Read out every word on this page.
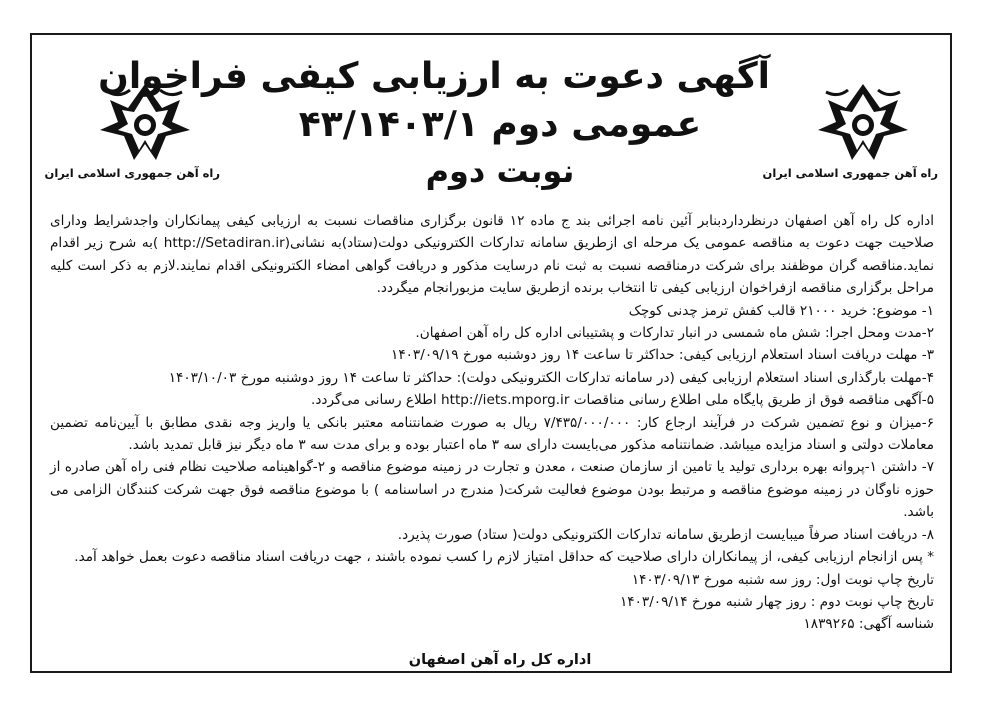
راه آهن جمهوری اسلامی ایران	راه آهن جمهوری اسلامی ایران
آگهی دعوت به ارزیابی کیفی فراخوان
عمومی دوم ۴۳/۱۴۰۳/۱
نوبت دوم

اداره کل راه آهن اصفهان درنظردارد‌بنابر آئین نامه اجرائی بند ج ماده ۱۲ قانون برگزاری مناقصات نسبت به ارزیابی کیفی پیمانکاران واجدشرایط ودارای صلاحیت جهت دعوت به مناقصه عمومی یک مرحله ای ازطریق سامانه تدارکات الکترونیکی دولت(ستاد)به نشانی(http://Setadiran.ir )به شرح زیر اقدام نماید.مناقصه گران موظفند برای شرکت درمناقصه نسبت به ثبت نام درسایت مذکور و دریافت گواهی امضاء الکترونیکی اقدام نمایند.لازم به ذکر است کلیه مراحل برگزاری مناقصه ازفراخوان ارزیابی کیفی تا انتخاب برنده ازطریق سایت مزبورانجام میگردد.

۱- موضوع: خرید ۲۱۰۰۰ قالب کفش ترمز چدنی کوچک

۲-مدت ومحل اجرا: شش ماه شمسی در انبار تدارکات و پشتیبانی اداره کل راه آهن اصفهان.

۳- مهلت دریافت اسناد استعلام ارزیابی کیفی: حداکثر تا ساعت ۱۴ روز دوشنبه مورخ ۱۴۰۳/۰۹/۱۹

۴-مهلت بارگذاری اسناد استعلام ارزیابی کیفی (در سامانه تدارکات الکترونیکی دولت): حداکثر تا ساعت ۱۴ روز دوشنبه مورخ ۱۴۰۳/۱۰/۰۳

۵-آگهی مناقصه فوق از طریق پایگاه ملی اطلاع رسانی مناقصات http://iets.mporg.ir اطلاع رسانی می‌گردد.

۶-میزان و نوع تضمین شرکت در فرآیند ارجاع کار: ۷/۴۳۵/۰۰۰/۰۰۰ ریال به صورت ضمانتنامه معتبر بانکی یا واریز وجه نقدی مطابق با آیین‌نامه تضمین معاملات دولتی و اسناد مزایده میباشد. ضمانتنامه مذکور می‌بایست دارای سه ۳ ماه اعتبار بوده و برای مدت سه ۳ ماه دیگر نیز قابل تمدید باشد.

۷- داشتن ۱-پروانه بهره برداری تولید یا تامین از سازمان صنعت ، معدن و تجارت در زمینه موضوع مناقصه و ۲-گواهینامه صلاحیت نظام فنی راه آهن صادره از حوزه ناوگان در زمینه موضوع مناقصه و مرتبط بودن موضوع فعالیت شرکت( مندرج در اساسنامه ) با موضوع مناقصه فوق جهت شرکت کنندگان الزامی می باشد.

۸- دریافت اسناد صرفاً میبایست ازطریق سامانه تدارکات الکترونیکی دولت( ستاد) صورت پذیرد.

* پس ازانجام ارزیابی کیفی، از پیمانکاران دارای صلاحیت که حداقل امتیاز لازم را کسب نموده باشند ، جهت دریافت اسناد مناقصه دعوت بعمل خواهد آمد.

تاریخ چاپ نوبت اول: روز سه شنبه مورخ ۱۴۰۳/۰۹/۱۳

تاریخ چاپ نوبت دوم : روز چهار شنبه مورخ ۱۴۰۳/۰۹/۱۴

شناسه آگهی: ۱۸۳۹۲۶۵

اداره کل راه آهن اصفهان
